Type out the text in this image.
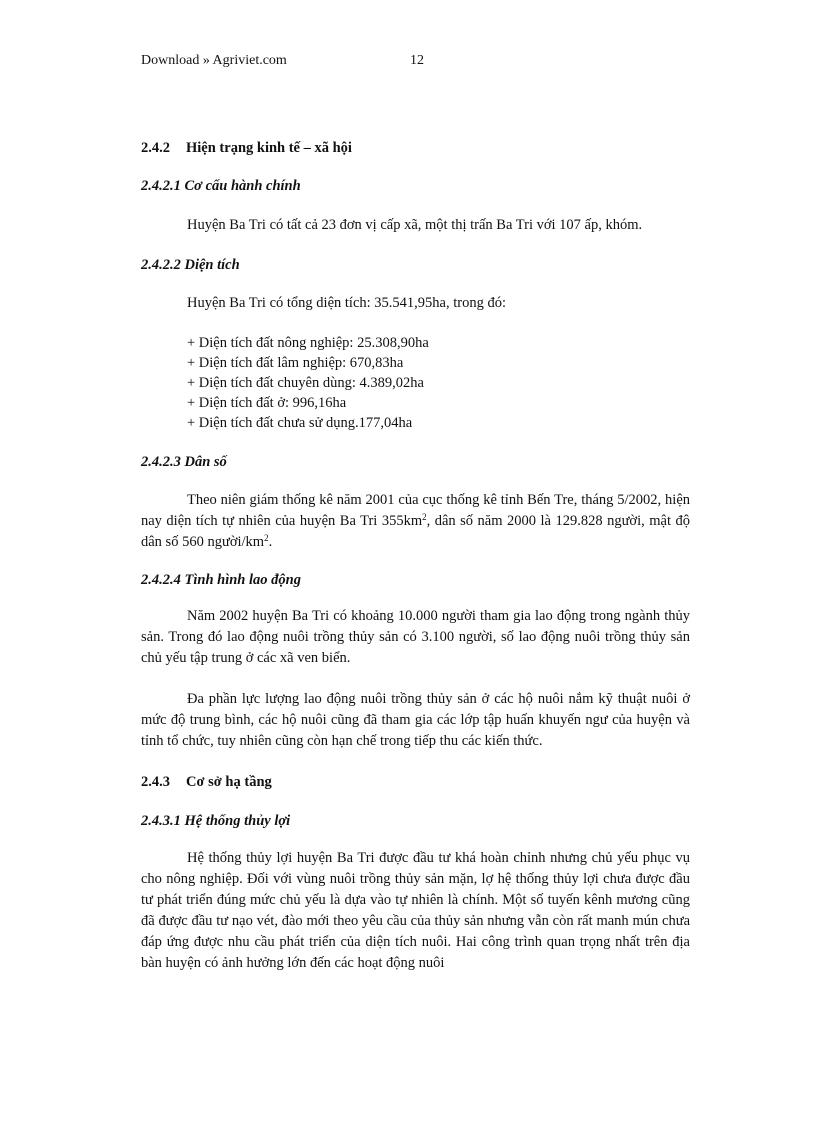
Download » Agriviet.com	12
2.4.2 Hiện trạng kinh tế – xã hội
2.4.2.1 Cơ cấu hành chính

Huyện Ba Tri có tất cả 23 đơn vị cấp xã, một thị trấn Ba Tri với 107 ấp, khóm.

2.4.2.2 Diện tích

Huyện Ba Tri có tổng diện tích: 35.541,95ha, trong đó:

+ Diện tích đất nông nghiệp: 25.308,90ha
+ Diện tích đất lâm nghiệp: 670,83ha
+ Diện tích đất chuyên dùng: 4.389,02ha
+ Diện tích đất ở: 996,16ha
+ Diện tích đất chưa sử dụng.177,04ha
2.4.2.3 Dân số

Theo niên giám thống kê năm 2001 của cục thống kê tỉnh Bến Tre, tháng 5/2002, hiện nay diện tích tự nhiên của huyện Ba Tri $355km^2$, dân số năm 2000 là 129.828 người, mật độ dân số 560 người/$km^2$.

2.4.2.4 Tình hình lao động

Năm 2002 huyện Ba Tri có khoảng 10.000 người tham gia lao động trong ngành thủy sản. Trong đó lao động nuôi trồng thủy sản có 3.100 người, số lao động nuôi trồng thủy sản chủ yếu tập trung ở các xã ven biển.

Đa phần lực lượng lao động nuôi trồng thủy sản ở các hộ nuôi nắm kỹ thuật nuôi ở mức độ trung bình, các hộ nuôi cũng đã tham gia các lớp tập huấn khuyến ngư của huyện và tỉnh tổ chức, tuy nhiên cũng còn hạn chế trong tiếp thu các kiến thức.

2.4.3 Cơ sở hạ tầng
2.4.3.1 Hệ thống thủy lợi

Hệ thống thủy lợi huyện Ba Tri được đầu tư khá hoàn chỉnh nhưng chủ yếu phục vụ cho nông nghiệp. Đối với vùng nuôi trồng thủy sản mặn, lợ hệ thống thủy lợi chưa được đầu tư phát triển đúng mức chủ yếu là dựa vào tự nhiên là chính. Một số tuyến kênh mương cũng đã được đầu tư nạo vét, đào mới theo yêu cầu của thủy sản nhưng vẫn còn rất manh mún chưa đáp ứng được nhu cầu phát triển của diện tích nuôi. Hai công trình quan trọng nhất trên địa bàn huyện có ảnh hưởng lớn đến các hoạt động nuôi
